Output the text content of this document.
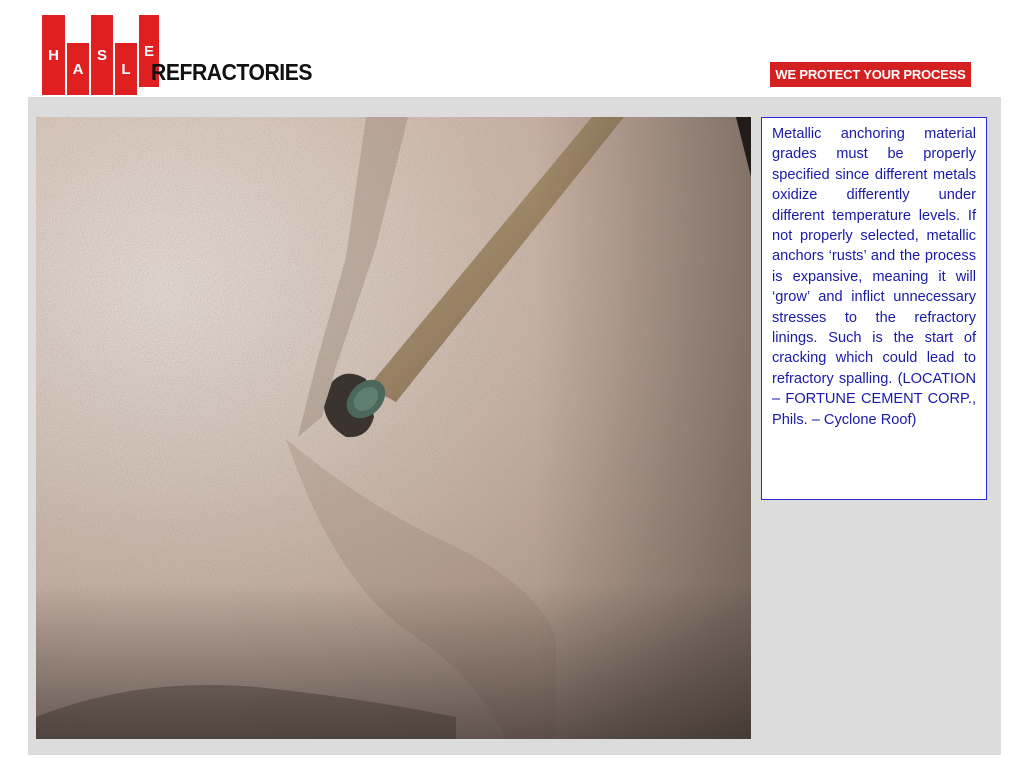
H
A
S
L
E
REFRACTORIES	WE PROTECT YOUR PROCESS

Metallic anchoring material grades must be properly specified since different metals oxidize differently under different temperature levels. If not properly selected, metallic anchors ‘rusts’ and the process is expansive, meaning it will ‘grow’ and inflict unnecessary stresses to the refractory linings. Such is the start of cracking which could lead to refractory spalling. (LOCATION – FORTUNE CEMENT CORP., Phils. – Cyclone Roof)
